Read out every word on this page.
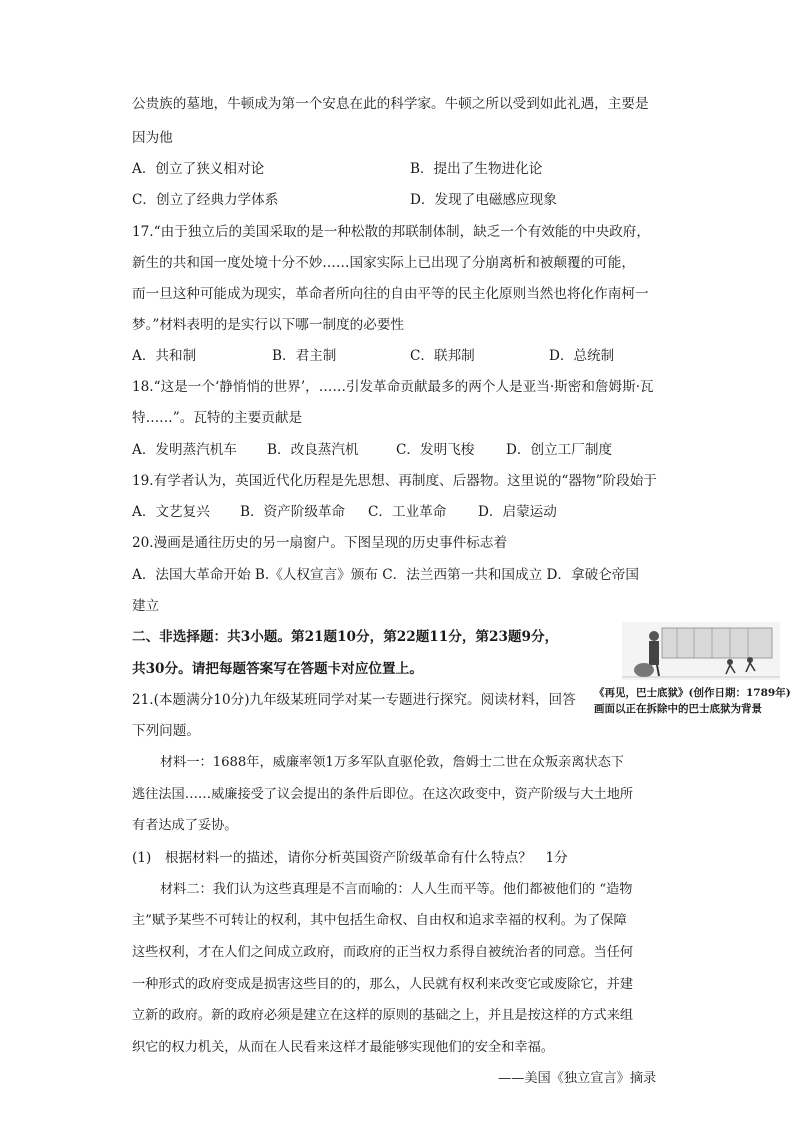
公贵族的墓地，牛顿成为第一个安息在此的科学家。牛顿之所以受到如此礼遇，主要是
因为他
A．创立了狭义相对论	B．提出了生物进化论
C．创立了经典力学体系	D．发现了电磁感应现象
17.“由于独立后的美国采取的是一种松散的邦联制体制，缺乏一个有效能的中央政府，
新生的共和国一度处境十分不妙……国家实际上已出现了分崩离析和被颠覆的可能，
而一旦这种可能成为现实，革命者所向往的自由平等的民主化原则当然也将化作南柯一
梦。”材料表明的是实行以下哪一制度的必要性
A．共和制	B．君主制	C．联邦制	D．总统制
18.“这是一个‘静悄悄的世界’，……引发革命贡献最多的两个人是亚当·斯密和詹姆斯·瓦
特……”。瓦特的主要贡献是
A．发明蒸汽机车 B．改良蒸汽机	C．发明飞梭 D．创立工厂制度
19.有学者认为，英国近代化历程是先思想、再制度、后器物。这里说的“器物”阶段始于
A．文艺复兴 B．资产阶级革命 C．工业革命 D．启蒙运动
20.漫画是通往历史的另一扇窗户。下图呈现的历史事件标志着
A．法国大革命开始 B.《人权宣言》颁布 C．法兰西第一共和国成立 D．拿破仑帝国
建立
二、非选择题：共3小题。第21题10分，第22题11分，第23题9分，
共30分。请把每题答案写在答题卡对应位置上。
《再见，巴士底狱》(创作日期：1789年)
画面以正在拆除中的巴士底狱为背景
21.(本题满分10分)九年级某班同学对某一专题进行探究。阅读材料，回答
下列问题。
材料一：1688年，威廉率领1万多军队直驱伦敦，詹姆士二世在众叛亲离状态下
逃往法国……威廉接受了议会提出的条件后即位。在这次政变中，资产阶级与大土地所
有者达成了妥协。
(1)　根据材料一的描述，请你分析英国资产阶级革命有什么特点？　1分
材料二：我们认为这些真理是不言而喻的：人人生而平等。他们都被他们的 “造物
主”赋予某些不可转让的权利，其中包括生命权、自由权和追求幸福的权利。为了保障
这些权利，才在人们之间成立政府，而政府的正当权力系得自被统治者的同意。当任何
一种形式的政府变成是损害这些目的的，那么，人民就有权利来改变它或废除它，并建
立新的政府。新的政府必须是建立在这样的原则的基础之上，并且是按这样的方式来组
织它的权力机关，从而在人民看来这样才最能够实现他们的安全和幸福。
——美国《独立宣言》摘录
